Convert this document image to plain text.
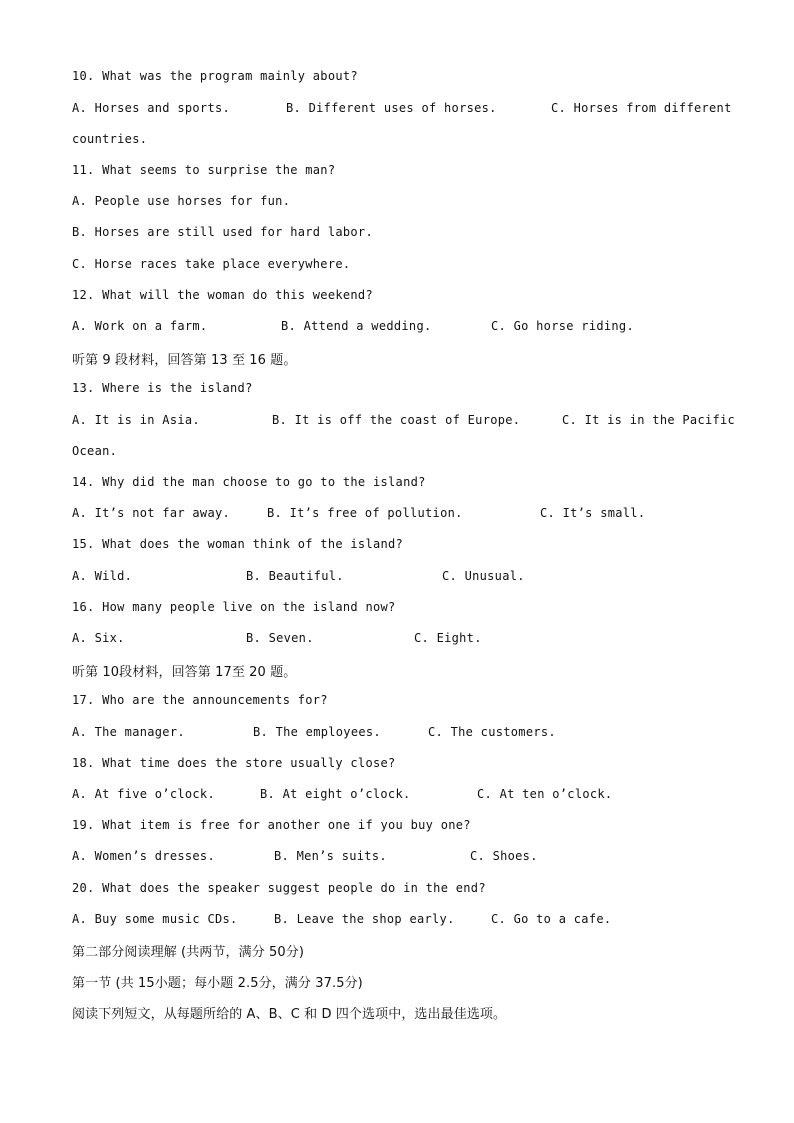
10. What was the program mainly about?
A. Horses and sports.	B. Different uses of horses.	C. Horses from different
countries.
11. What seems to surprise the man?
A. People use horses for fun.
B. Horses are still used for hard labor.
C. Horse races take place everywhere.
12. What will the woman do this weekend?
A. Work on a farm.	B. Attend a wedding.	C. Go horse riding.
听第 9 段材料，回答第 13 至 16 题。
13. Where is the island?
A. It is in Asia.	B. It is off the coast of Europe.	C. It is in the Pacific
Ocean.
14. Why did the man choose to go to the island?
A. It’s not far away.	B. It’s free of pollution.	C. It’s small.
15. What does the woman think of the island?
A. Wild.	B. Beautiful.	C. Unusual.
16. How many people live on the island now?
A. Six.	B. Seven.	C. Eight.
听第 10段材料，回答第 17至 20 题。
17. Who are the announcements for?
A. The manager.	B. The employees.	C. The customers.
18. What time does the store usually close?
A. At five o’clock.	B. At eight o’clock.	C. At ten o’clock.
19. What item is free for another one if you buy one?
A. Women’s dresses.	B. Men’s suits.	C. Shoes.
20. What does the speaker suggest people do in the end?
A. Buy some music CDs.	B. Leave the shop early.	C. Go to a cafe.
第二部分阅读理解 (共两节，满分 50分)
第一节 (共 15小题；每小题 2.5分，满分 37.5分)
阅读下列短文，从每题所给的 A、B、C 和 D 四个选项中，选出最佳选项。
